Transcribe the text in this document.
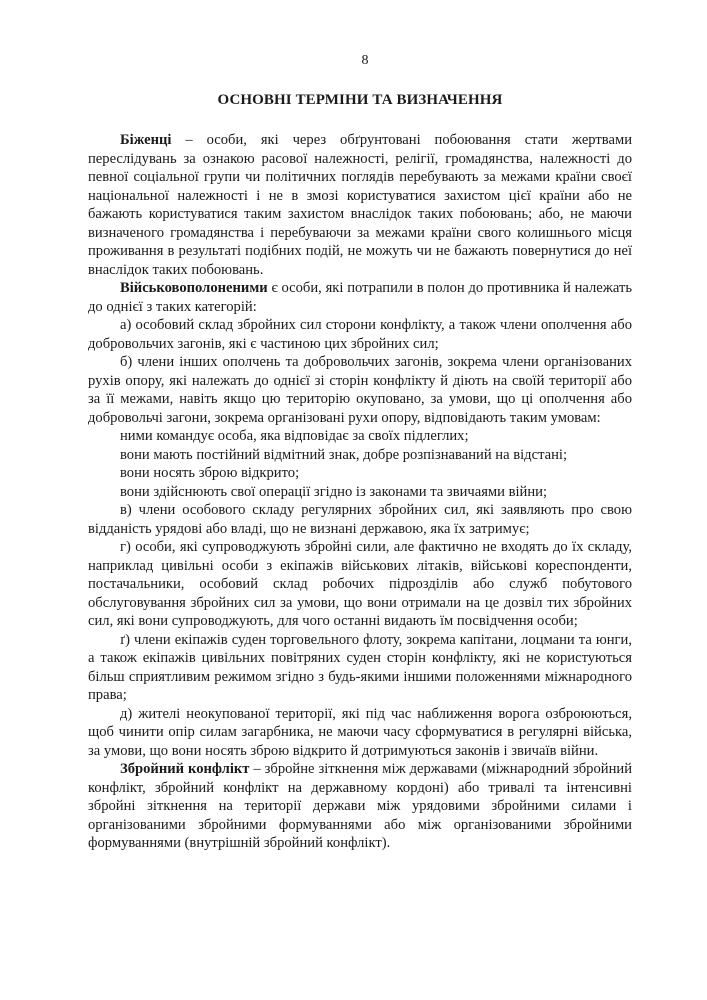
8
ОСНОВНІ ТЕРМІНИ ТА ВИЗНАЧЕННЯ

Біженці – особи, які через обґрунтовані побоювання стати жертвами переслідувань за ознакою расової належності, релігії, громадянства, належності до певної соціальної групи чи політичних поглядів перебувають за межами країни своєї національної належності і не в змозі користуватися захистом цієї країни або не бажають користуватися таким захистом внаслідок таких побоювань; або, не маючи визначеного громадянства і перебуваючи за межами країни свого колишнього місця проживання в результаті подібних подій, не можуть чи не бажають повернутися до неї внаслідок таких побоювань.

Військовополоненими є особи, які потрапили в полон до противника й належать до однієї з таких категорій:

а) особовий склад збройних сил сторони конфлікту, а також члени ополчення або добровольчих загонів, які є частиною цих збройних сил;

б) члени інших ополчень та добровольчих загонів, зокрема члени організованих рухів опору, які належать до однієї зі сторін конфлікту й діють на своїй території або за її межами, навіть якщо цю територію окуповано, за умови, що ці ополчення або добровольчі загони, зокрема організовані рухи опору, відповідають таким умовам:

ними командує особа, яка відповідає за своїх підлеглих;

вони мають постійний відмітний знак, добре розпізнаваний на відстані;

вони носять зброю відкрито;

вони здійснюють свої операції згідно із законами та звичаями війни;

в) члени особового складу регулярних збройних сил, які заявляють про свою відданість урядові або владі, що не визнані державою, яка їх затримує;

г) особи, які супроводжують збройні сили, але фактично не входять до їх складу, наприклад цивільні особи з екіпажів військових літаків, військові кореспонденти, постачальники, особовий склад робочих підрозділів або служб побутового обслуговування збройних сил за умови, що вони отримали на це дозвіл тих збройних сил, які вони супроводжують, для чого останні видають їм посвідчення особи;

ґ) члени екіпажів суден торговельного флоту, зокрема капітани, лоцмани та юнги, а також екіпажів цивільних повітряних суден сторін конфлікту, які не користуються більш сприятливим режимом згідно з будь-якими іншими положеннями міжнародного права;

д) жителі неокупованої території, які під час наближення ворога озброюються, щоб чинити опір силам загарбника, не маючи часу сформуватися в регулярні війська, за умови, що вони носять зброю відкрито й дотримуються законів і звичаїв війни.

Збройний конфлікт – збройне зіткнення між державами (міжнародний збройний конфлікт, збройний конфлікт на державному кордоні) або тривалі та інтенсивні збройні зіткнення на території держави між урядовими збройними силами і організованими збройними формуваннями або між організованими збройними формуваннями (внутрішній збройний конфлікт).
